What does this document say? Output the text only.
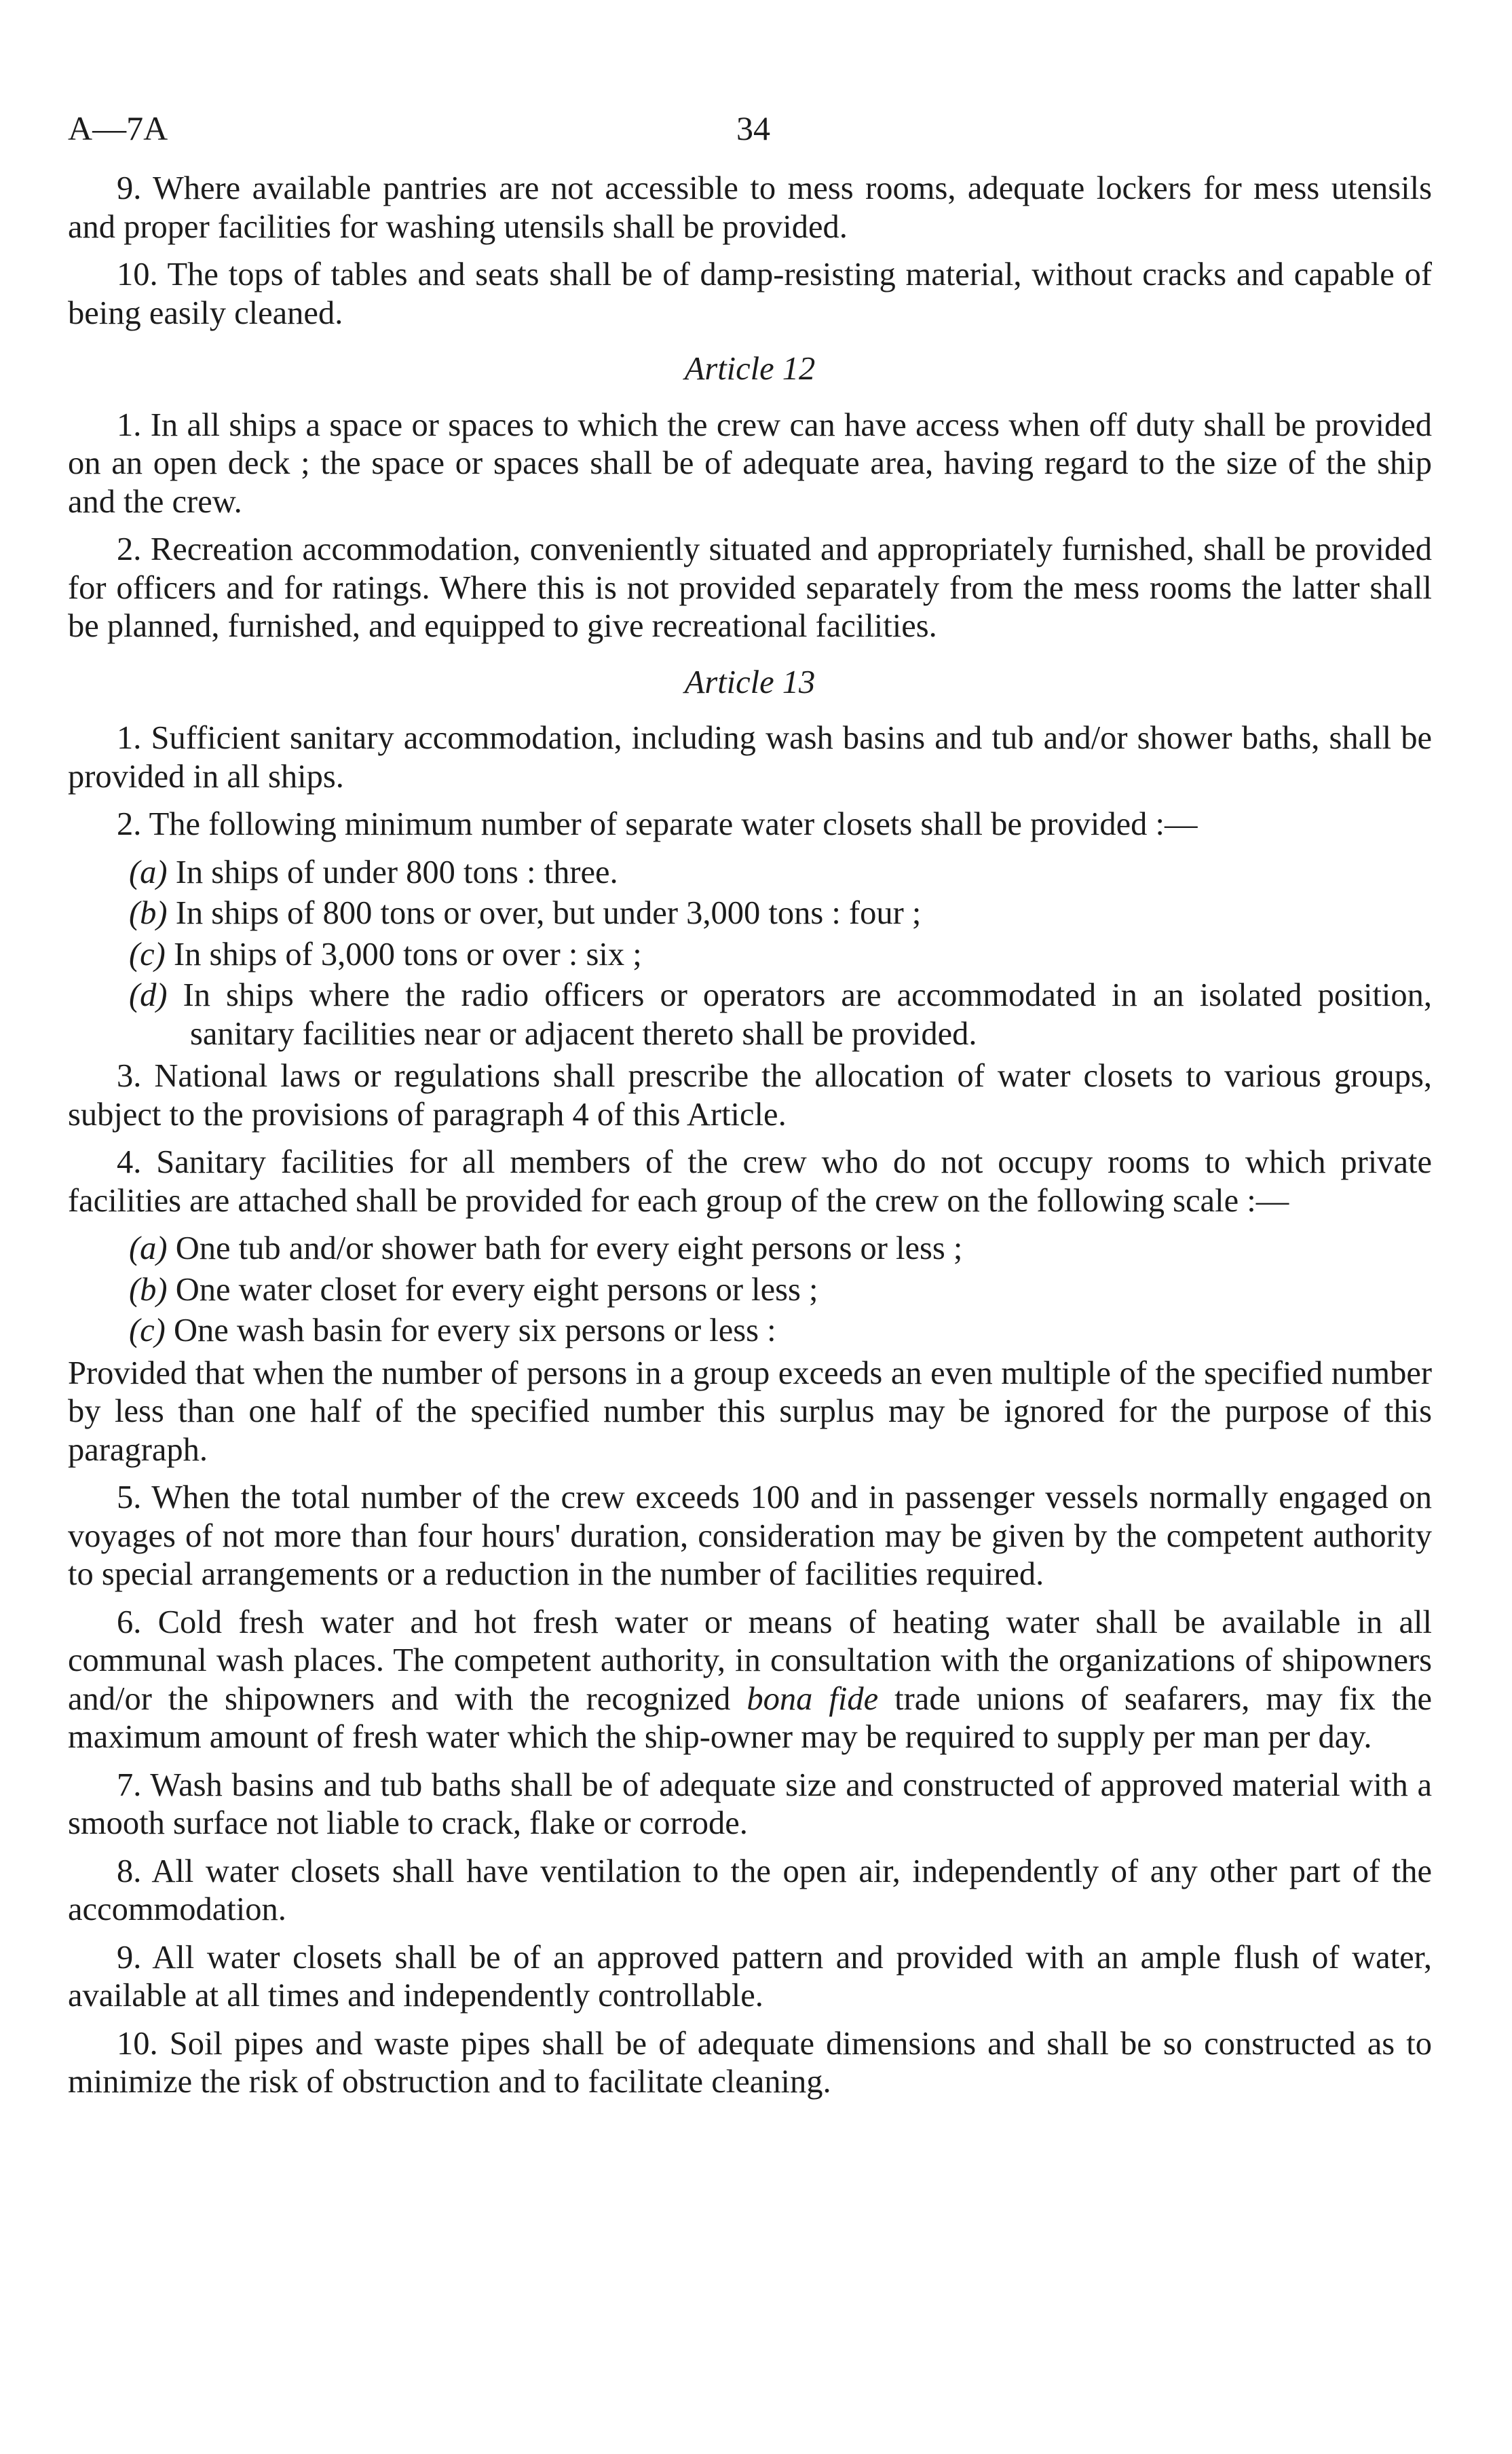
A—7A	34

9. Where available pantries are not accessible to mess rooms, adequate lockers for mess utensils and proper facilities for washing utensils shall be provided.

10. The tops of tables and seats shall be of damp-resisting material, without cracks and capable of being easily cleaned.

Article 12

1. In all ships a space or spaces to which the crew can have access when off duty shall be provided on an open deck ; the space or spaces shall be of adequate area, having regard to the size of the ship and the crew.

2. Recreation accommodation, conveniently situated and appropriately furnished, shall be provided for officers and for ratings. Where this is not provided separately from the mess rooms the latter shall be planned, furnished, and equipped to give recreational facilities.

Article 13

1. Sufficient sanitary accommodation, including wash basins and tub and/or shower baths, shall be provided in all ships.

2. The following minimum number of separate water closets shall be provided :—

(a) In ships of under 800 tons : three.

(b) In ships of 800 tons or over, but under 3,000 tons : four ;

(c) In ships of 3,000 tons or over : six ;

(d) In ships where the radio officers or operators are accommodated in an isolated position, sanitary facilities near or adjacent thereto shall be provided.

3. National laws or regulations shall prescribe the allocation of water closets to various groups, subject to the provisions of paragraph 4 of this Article.

4. Sanitary facilities for all members of the crew who do not occupy rooms to which private facilities are attached shall be provided for each group of the crew on the following scale :—

(a) One tub and/or shower bath for every eight persons or less ;

(b) One water closet for every eight persons or less ;

(c) One wash basin for every six persons or less :

Provided that when the number of persons in a group exceeds an even multiple of the specified number by less than one half of the specified number this surplus may be ignored for the purpose of this paragraph.

5. When the total number of the crew exceeds 100 and in passenger vessels normally engaged on voyages of not more than four hours' duration, consideration may be given by the competent authority to special arrangements or a reduction in the number of facilities required.

6. Cold fresh water and hot fresh water or means of heating water shall be available in all communal wash places. The competent authority, in consultation with the organizations of shipowners and/or the shipowners and with the recognized bona fide trade unions of seafarers, may fix the maximum amount of fresh water which the ship-owner may be required to supply per man per day.

7. Wash basins and tub baths shall be of adequate size and constructed of approved material with a smooth surface not liable to crack, flake or corrode.

8. All water closets shall have ventilation to the open air, independently of any other part of the accommodation.

9. All water closets shall be of an approved pattern and provided with an ample flush of water, available at all times and independently controllable.

10. Soil pipes and waste pipes shall be of adequate dimensions and shall be so constructed as to minimize the risk of obstruction and to facilitate cleaning.
